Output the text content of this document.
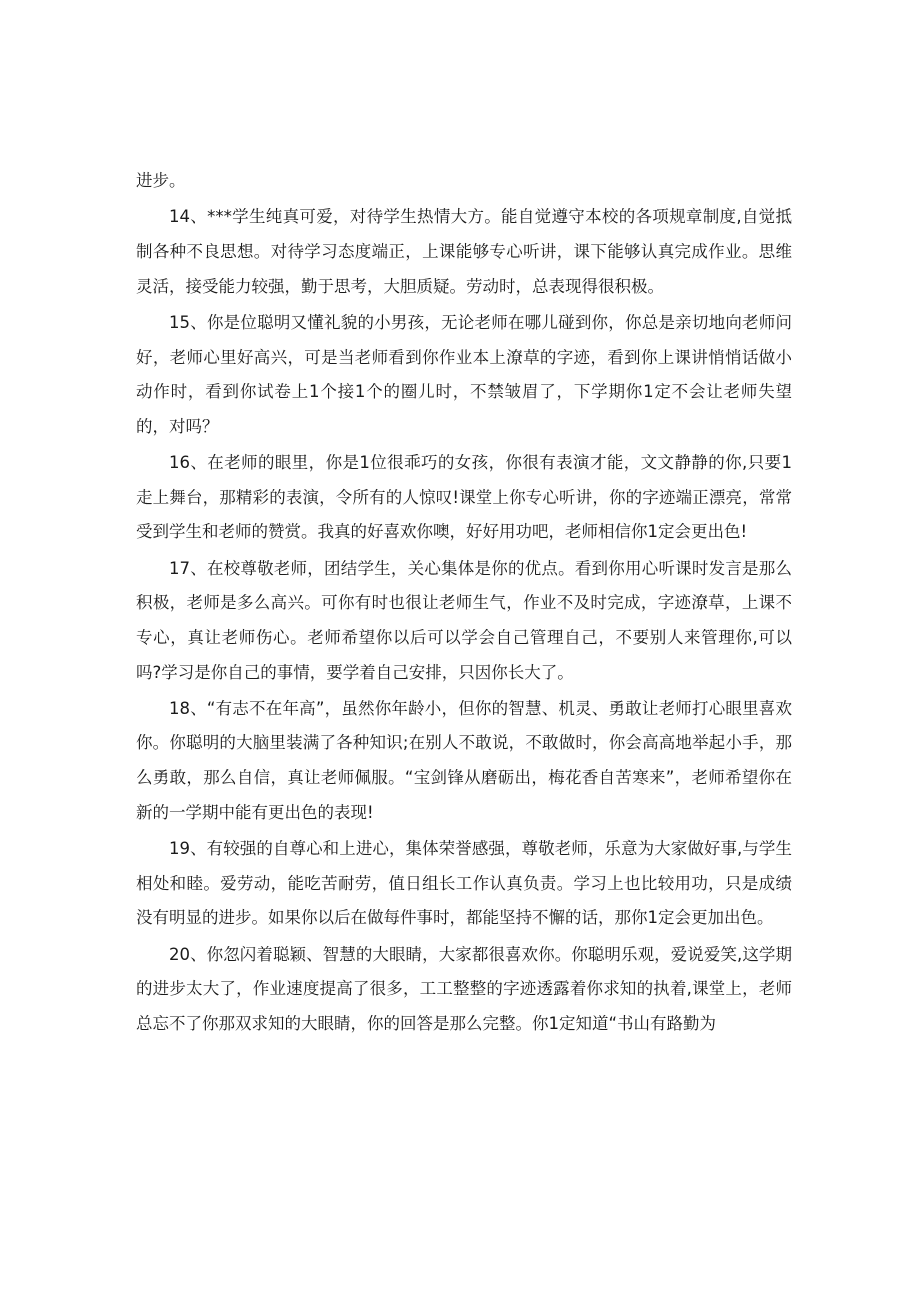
进步。

14、***学生纯真可爱，对待学生热情大方。能自觉遵守本校的各项规章制度,自觉抵制各种不良思想。对待学习态度端正，上课能够专心听讲，课下能够认真完成作业。思维灵活，接受能力较强，勤于思考，大胆质疑。劳动时，总表现得很积极。

15、你是位聪明又懂礼貌的小男孩，无论老师在哪儿碰到你，你总是亲切地向老师问好，老师心里好高兴，可是当老师看到你作业本上潦草的字迹，看到你上课讲悄悄话做小动作时，看到你试卷上1个接1个的圈儿时，不禁皱眉了，下学期你1定不会让老师失望的，对吗？

16、在老师的眼里，你是1位很乖巧的女孩，你很有表演才能，文文静静的你,只要1走上舞台，那精彩的表演，令所有的人惊叹!课堂上你专心听讲，你的字迹端正漂亮，常常受到学生和老师的赞赏。我真的好喜欢你噢，好好用功吧，老师相信你1定会更出色!

17、在校尊敬老师，团结学生，关心集体是你的优点。看到你用心听课时发言是那么积极，老师是多么高兴。可你有时也很让老师生气，作业不及时完成，字迹潦草，上课不专心，真让老师伤心。老师希望你以后可以学会自己管理自己，不要别人来管理你,可以吗?学习是你自己的事情，要学着自己安排，只因你长大了。

18、“有志不在年高”，虽然你年龄小，但你的智慧、机灵、勇敢让老师打心眼里喜欢你。你聪明的大脑里装满了各种知识;在别人不敢说，不敢做时，你会高高地举起小手，那么勇敢，那么自信，真让老师佩服。“宝剑锋从磨砺出，梅花香自苦寒来”，老师希望你在新的一学期中能有更出色的表现!

19、有较强的自尊心和上进心，集体荣誉感强，尊敬老师，乐意为大家做好事,与学生相处和睦。爱劳动，能吃苦耐劳，值日组长工作认真负责。学习上也比较用功，只是成绩没有明显的进步。如果你以后在做每件事时，都能坚持不懈的话，那你1定会更加出色。

20、你忽闪着聪颖、智慧的大眼睛，大家都很喜欢你。你聪明乐观，爱说爱笑,这学期的进步太大了，作业速度提高了很多，工工整整的字迹透露着你求知的执着,课堂上，老师总忘不了你那双求知的大眼睛，你的回答是那么完整。你1定知道“书山有路勤为
